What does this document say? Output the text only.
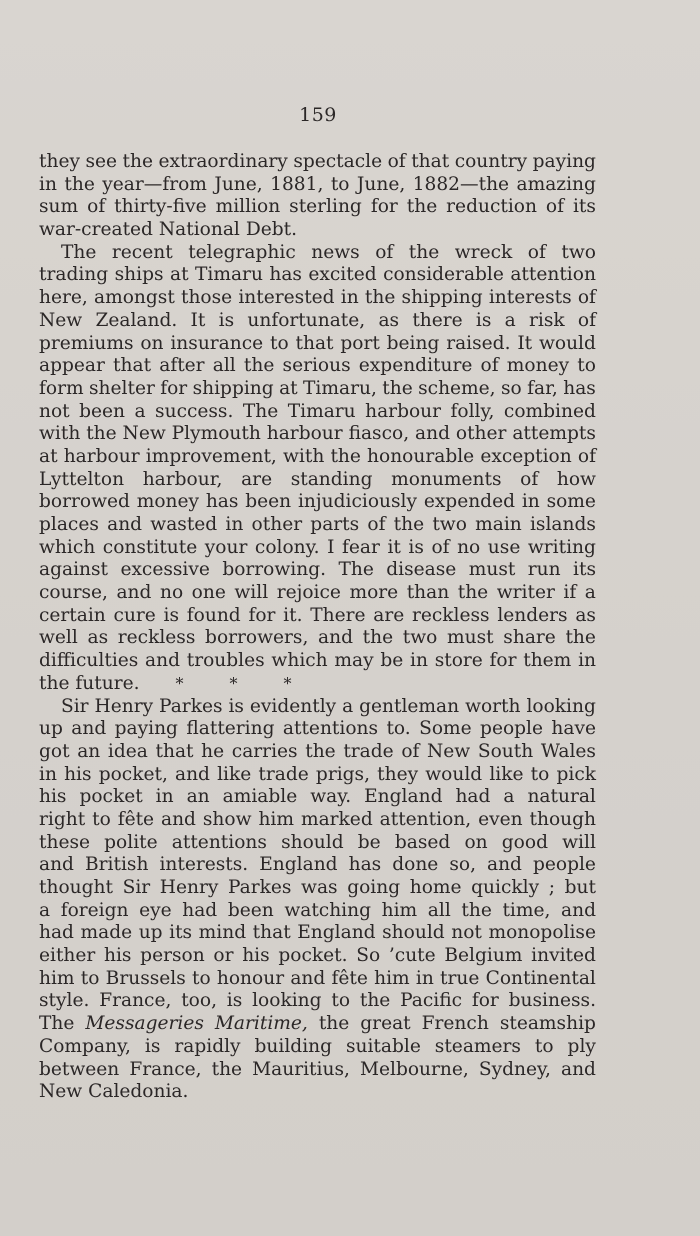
159
they see the extraordinary spectacle of that country paying
in the year—from June, 1881, to June, 1882—the amazing
sum of thirty-five million sterling for the reduction of its
war-created National Debt.
The recent telegraphic news of the wreck of two
trading ships at Timaru has excited considerable attention
here, amongst those interested in the shipping interests of
New Zealand. It is unfortunate, as there is a risk of
premiums on insurance to that port being raised. It would
appear that after all the serious expenditure of money to
form shelter for shipping at Timaru, the scheme, so far, has
not been a success. The Timaru harbour folly, combined
with the New Plymouth harbour fiasco, and other attempts
at harbour improvement, with the honourable exception of
Lyttelton harbour, are standing monuments of how
borrowed money has been injudiciously expended in some
places and wasted in other parts of the two main islands
which constitute your colony. I fear it is of no use writing
against excessive borrowing. The disease must run its
course, and no one will rejoice more than the writer if a
certain cure is found for it. There are reckless lenders as
well as reckless borrowers, and the two must share the
difficulties and troubles which may be in store for them in
the future. *	*	*
Sir Henry Parkes is evidently a gentleman worth looking
up and paying flattering attentions to. Some people have
got an idea that he carries the trade of New South Wales
in his pocket, and like trade prigs, they would like to pick
his pocket in an amiable way. England had a natural
right to fête and show him marked attention, even though
these polite attentions should be based on good will
and British interests. England has done so, and people
thought Sir Henry Parkes was going home quickly ; but
a foreign eye had been watching him all the time, and
had made up its mind that England should not monopolise
either his person or his pocket. So ’cute Belgium invited
him to Brussels to honour and fête him in true Continental
style. France, too, is looking to the Pacific for business.
The Messageries Maritime, the great French steamship
Company, is rapidly building suitable steamers to ply
between France, the Mauritius, Melbourne, Sydney, and
New Caledonia.
